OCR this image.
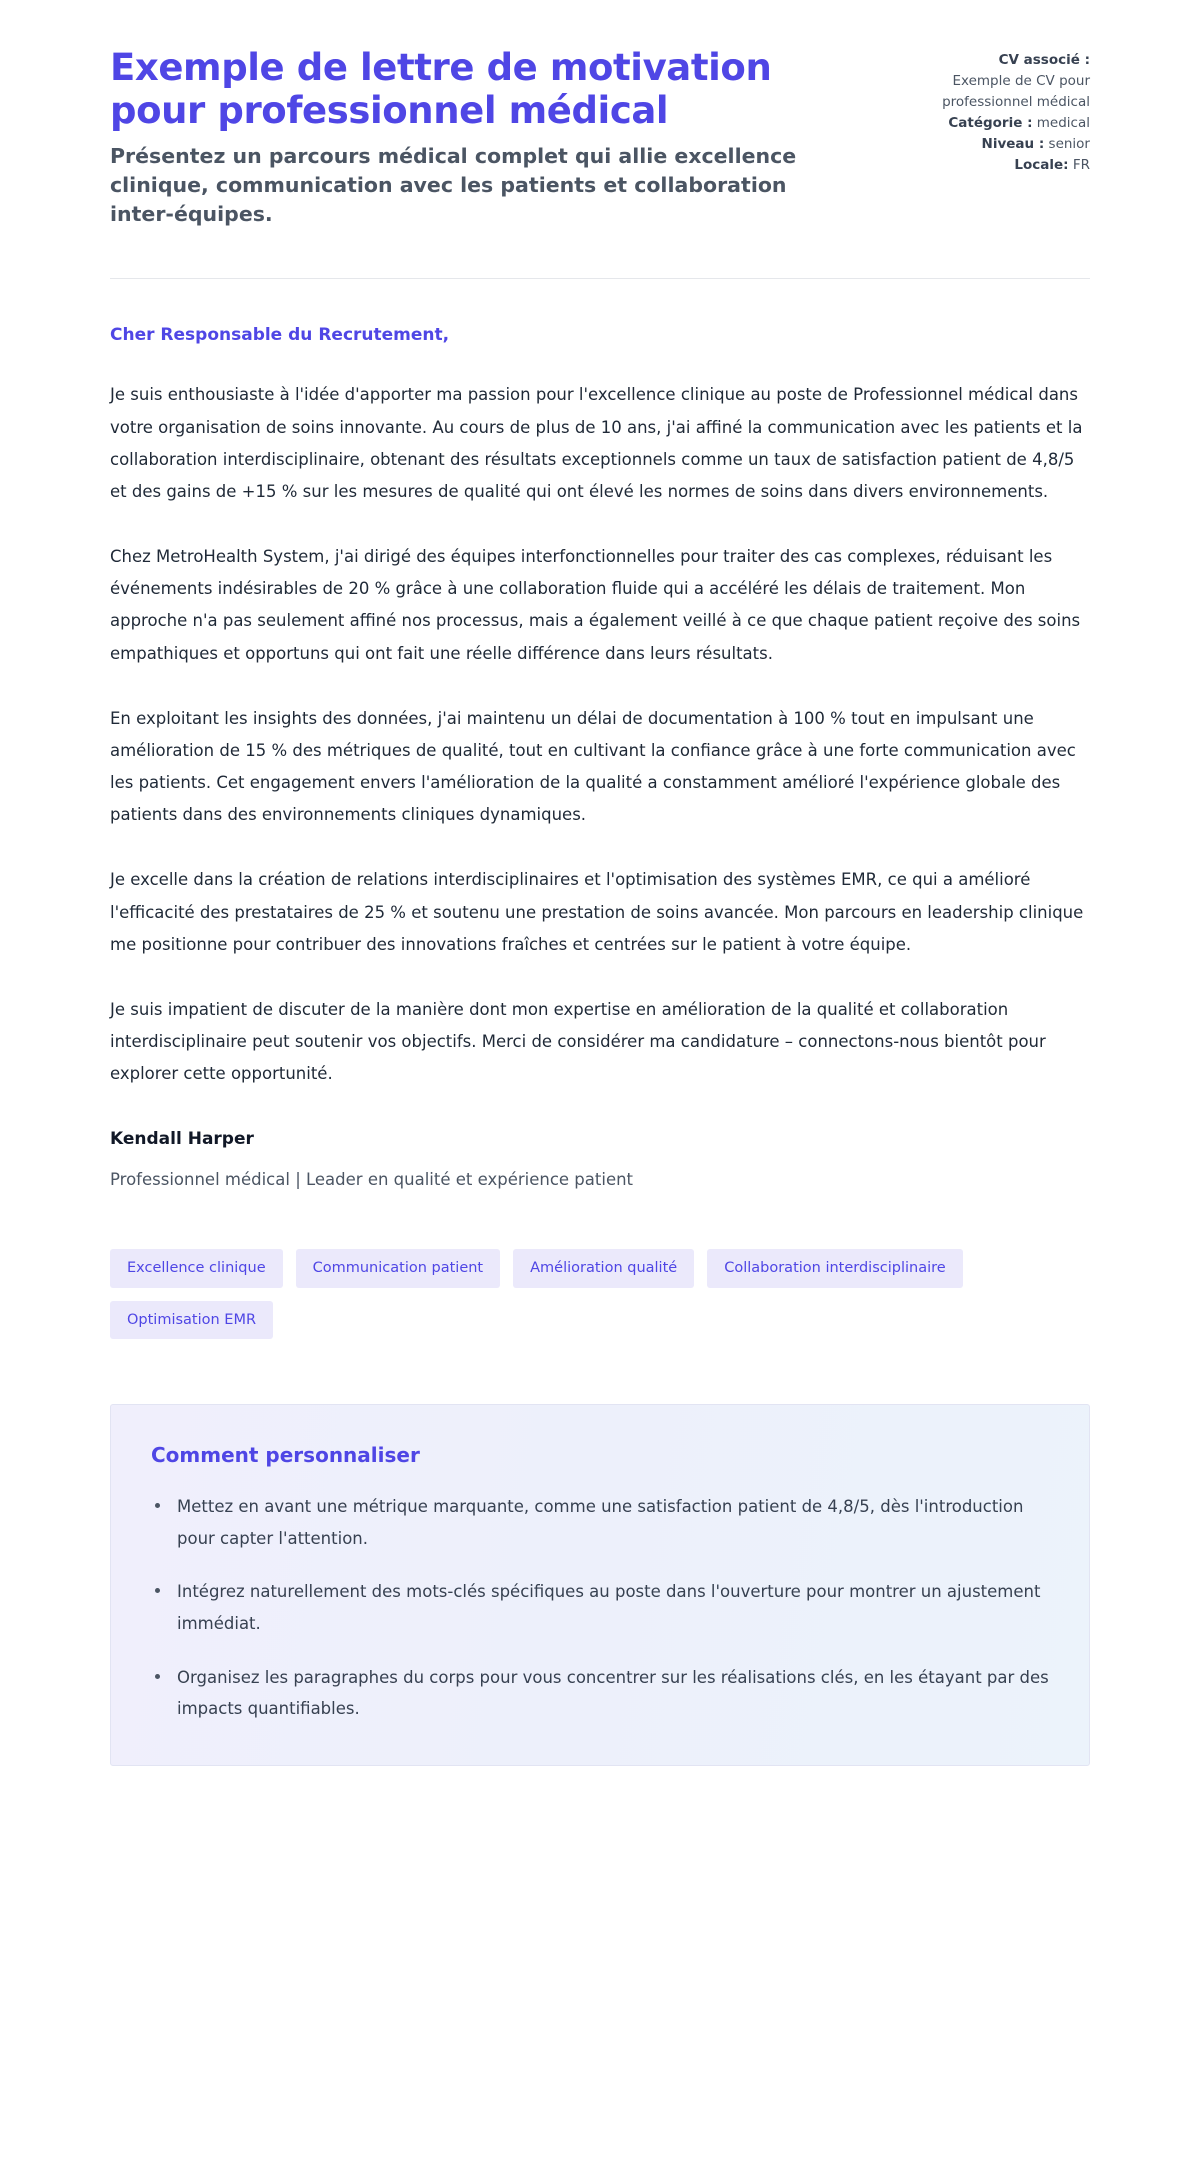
Exemple de lettre de motivation pour professionnel médical

Présentez un parcours médical complet qui allie excellence clinique, communication avec les patients et collaboration inter-équipes.

CV associé :
Exemple de CV pour professionnel médical
Catégorie : medical
Niveau : senior
Locale: FR

Cher Responsable du Recrutement,

Je suis enthousiaste à l'idée d'apporter ma passion pour l'excellence clinique au poste de Professionnel médical dans votre organisation de soins innovante. Au cours de plus de 10 ans, j'ai affiné la communication avec les patients et la collaboration interdisciplinaire, obtenant des résultats exceptionnels comme un taux de satisfaction patient de 4,8/5 et des gains de +15 % sur les mesures de qualité qui ont élevé les normes de soins dans divers environnements.

Chez MetroHealth System, j'ai dirigé des équipes interfonctionnelles pour traiter des cas complexes, réduisant les événements indésirables de 20 % grâce à une collaboration fluide qui a accéléré les délais de traitement. Mon approche n'a pas seulement affiné nos processus, mais a également veillé à ce que chaque patient reçoive des soins empathiques et opportuns qui ont fait une réelle différence dans leurs résultats.

En exploitant les insights des données, j'ai maintenu un délai de documentation à 100 % tout en impulsant une amélioration de 15 % des métriques de qualité, tout en cultivant la confiance grâce à une forte communication avec les patients. Cet engagement envers l'amélioration de la qualité a constamment amélioré l'expérience globale des patients dans des environnements cliniques dynamiques.

Je excelle dans la création de relations interdisciplinaires et l'optimisation des systèmes EMR, ce qui a amélioré l'efficacité des prestataires de 25 % et soutenu une prestation de soins avancée. Mon parcours en leadership clinique me positionne pour contribuer des innovations fraîches et centrées sur le patient à votre équipe.

Je suis impatient de discuter de la manière dont mon expertise en amélioration de la qualité et collaboration interdisciplinaire peut soutenir vos objectifs. Merci de considérer ma candidature – connectons-nous bientôt pour explorer cette opportunité.

Kendall Harper

Professionnel médical | Leader en qualité et expérience patient

Excellence clinique	Communication patient	Amélioration qualité	Collaboration interdisciplinaire
Optimisation EMR
Comment personnaliser
Mettez en avant une métrique marquante, comme une satisfaction patient de 4,8/5, dès l'introduction pour capter l'attention.
Intégrez naturellement des mots-clés spécifiques au poste dans l'ouverture pour montrer un ajustement immédiat.
Organisez les paragraphes du corps pour vous concentrer sur les réalisations clés, en les étayant par des impacts quantifiables.
